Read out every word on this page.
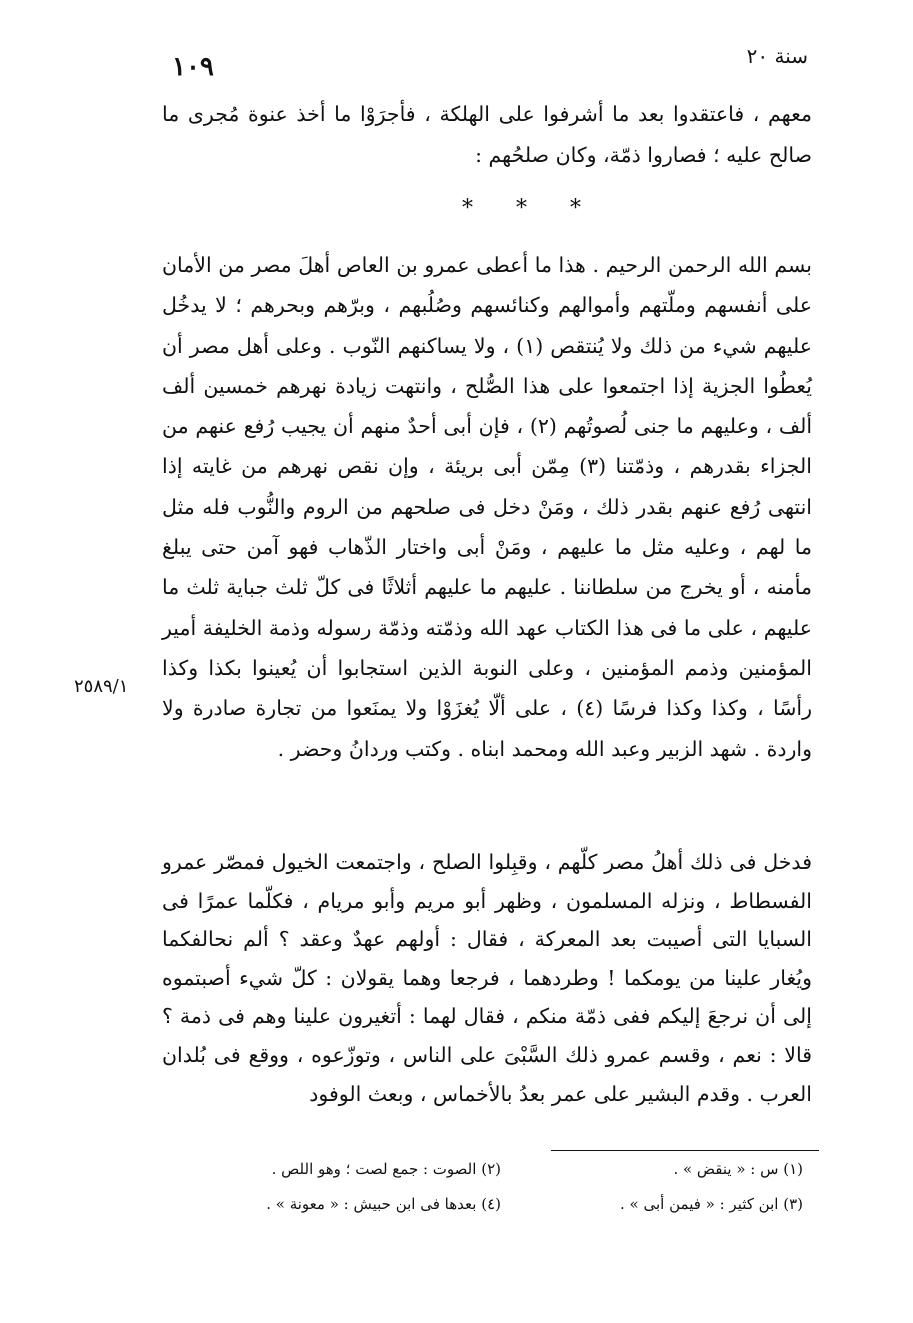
سنة ٢٠
١٠٩

معهم ، فاعتقدوا بعد ما أشرفوا على الهلكة ، فأجرَوْا ما أخذ عنوة مُجرى ما صالح عليه ؛ فصاروا ذمّة، وكان صلحُهم :

* * *

بسم الله الرحمن الرحيم . هذا ما أعطى عمرو بن العاص أهلَ مصر من الأمان على أنفسهم وملّتهم وأموالهم وكنائسهم وصُلُبهم ، وبرّهم وبحرهم ؛ لا يدخُل عليهم شيء من ذلك ولا يُنتقص (١) ، ولا يساكنهم النّوب . وعلى أهل مصر أن يُعطُوا الجزية إذا اجتمعوا على هذا الصُّلح ، وانتهت زيادة نهرهم خمسين ألف ألف ، وعليهم ما جنى لُصوتُهم (٢) ، فإن أبى أحدٌ منهم أن يجيب رُفع عنهم من الجزاء بقدرهم ، وذمّتنا (٣) مِمّن أبى بريئة ، وإن نقص نهرهم من غايته إذا انتهى رُفع عنهم بقدر ذلك ، ومَنْ دخل فى صلحهم من الروم والنُّوب فله مثل ما لهم ، وعليه مثل ما عليهم ، ومَنْ أبى واختار الذّهاب فهو آمن حتى يبلغ مأمنه ، أو يخرج من سلطاننا . عليهم ما عليهم أثلاثًا فى كلّ ثلث جباية ثلث ما عليهم ، على ما فى هذا الكتاب عهد الله وذمّته وذمّة رسوله وذمة الخليفة أمير المؤمنين وذمم المؤمنين ، وعلى النوبة الذين استجابوا أن يُعينوا بكذا وكذا رأسًا ، وكذا وكذا فرسًا (٤) ، على ألّا يُغزَوْا ولا يمنَعوا من تجارة صادرة ولا واردة . شهد الزبير وعبد الله ومحمد ابناه . وكتب وردانُ وحضر .

٢٥٨٩/١

فدخل فى ذلك أهلُ مصر كلّهم ، وقبِلوا الصلح ، واجتمعت الخيول فمصّر عمرو الفسطاط ، ونزله المسلمون ، وظهر أبو مريم وأبو مريام ، فكلّما عمرًا فى السبايا التى أصيبت بعد المعركة ، فقال : أولهم عهدٌ وعقد ؟ ألم نحالفكما ويُغار علينا من يومكما ! وطردهما ، فرجعا وهما يقولان : كلّ شيء أصبتموه إلى أن نرجعَ إليكم ففى ذمّة منكم ، فقال لهما : أتغيرون علينا وهم فى ذمة ؟ قالا : نعم ، وقسم عمرو ذلك السَّبْىَ على الناس ، وتوزّعوه ، ووقع فى بُلدان العرب . وقدم البشير على عمر بعدُ بالأخماس ، وبعث الوفود

(١) س : « ينقض » .
(٢) الصوت : جمع لصت ؛ وهو اللص .
(٣) ابن كثير : « فيمن أبى » .
(٤) بعدها فى ابن حبيش : « معونة » .
